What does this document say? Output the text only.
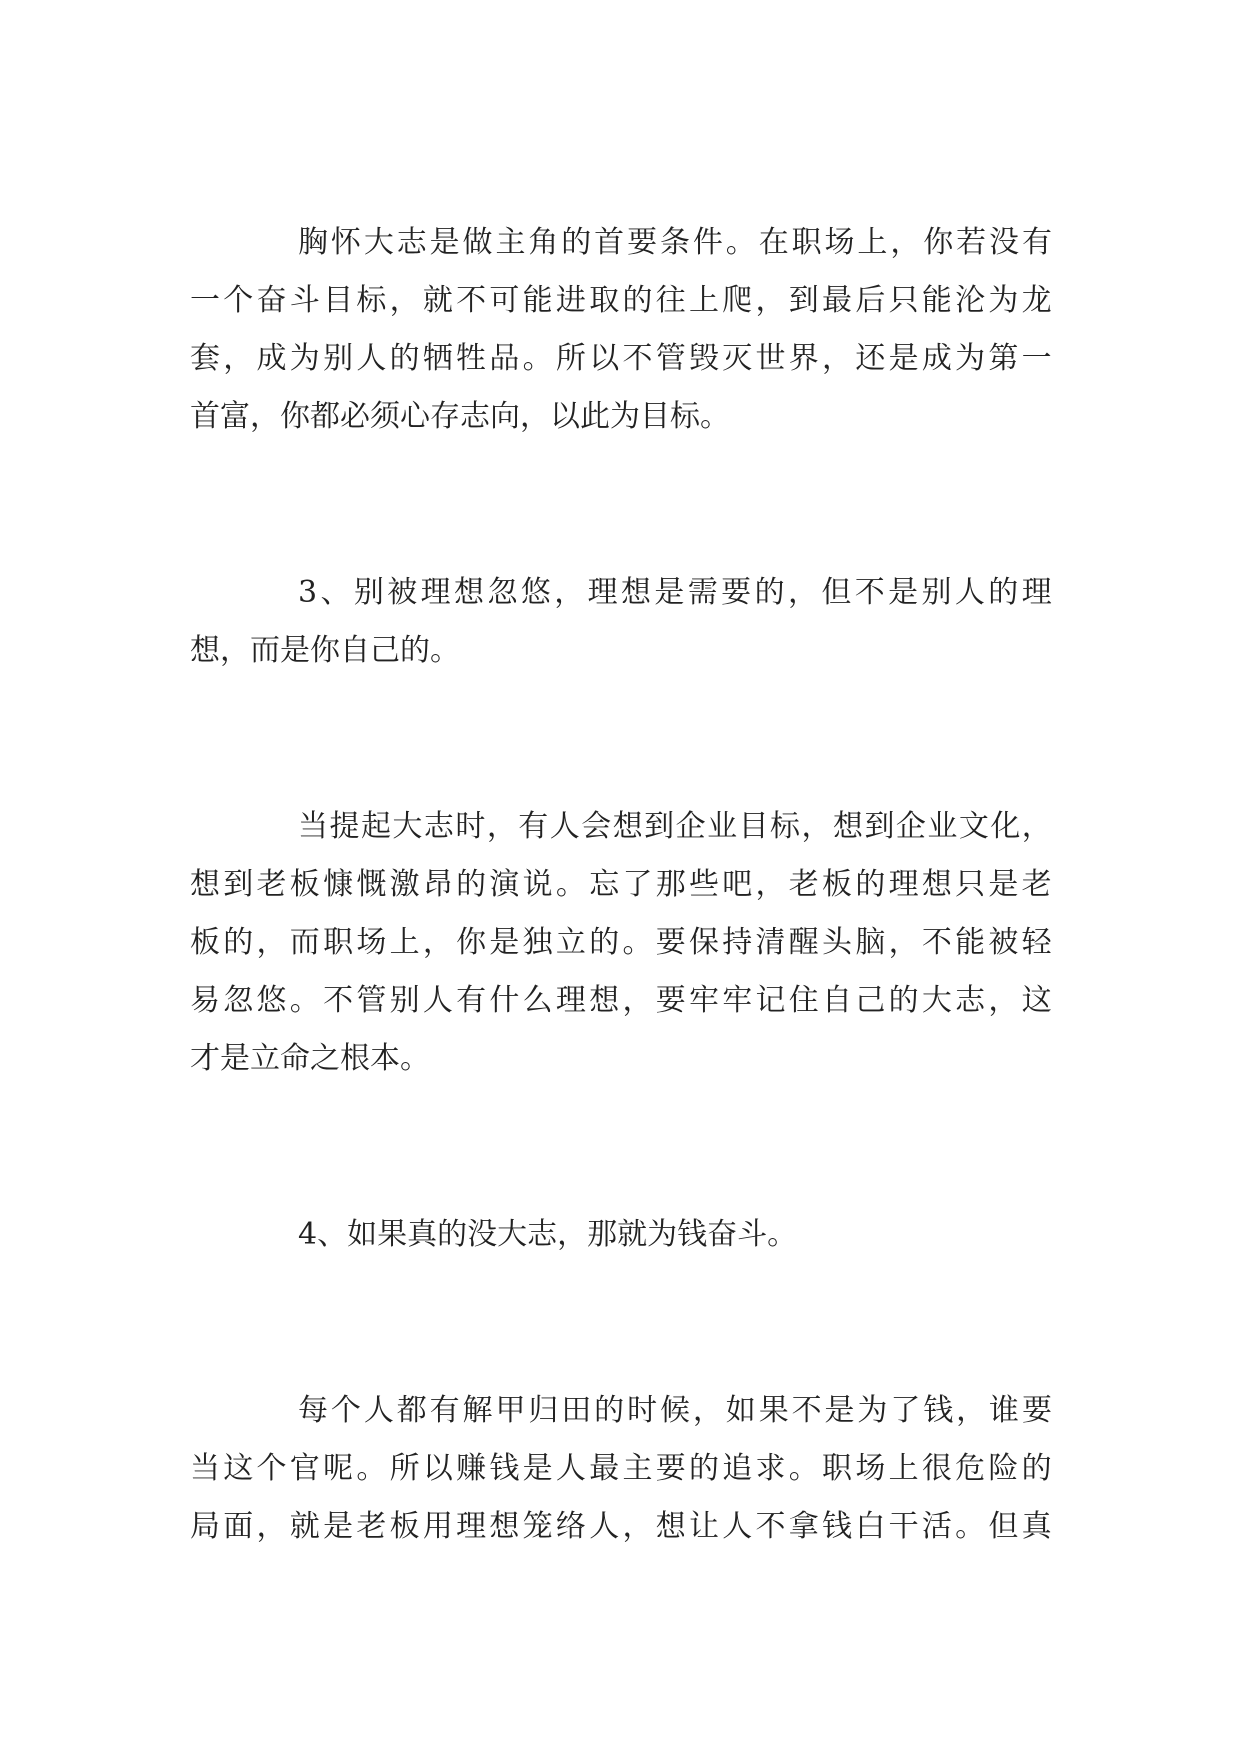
胸 怀 大 志 是 做 主 角 的 首 要 条 件 。 在 职 场 上 ， 你 若 没 有
一 个 奋 斗 目 标 ， 就 不 可 能 进 取 的 往 上 爬 ， 到 最 后 只 能 沦 为 龙
套 ， 成 为 别 人 的 牺 牲 品 。 所 以 不 管 毁 灭 世 界 ， 还 是 成 为 第 一
首富，你都必须心存志向，以此为目标。
3 、 别 被 理 想 忽 悠 ， 理 想 是 需 要 的 ， 但 不 是 别 人 的 理
想，而是你自己的。
当 提 起 大 志 时 ， 有 人 会 想 到 企 业 目 标 ， 想 到 企 业 文 化 ，
想 到 老 板 慷 慨 激 昂 的 演 说 。 忘 了 那 些 吧 ， 老 板 的 理 想 只 是 老
板 的 ， 而 职 场 上 ， 你 是 独 立 的 。 要 保 持 清 醒 头 脑 ， 不 能 被 轻
易 忽 悠 。 不 管 别 人 有 什 么 理 想 ， 要 牢 牢 记 住 自 己 的 大 志 ， 这
才是立命之根本。
4、如果真的没大志，那就为钱奋斗。
每 个 人 都 有 解 甲 归 田 的 时 候 ， 如 果 不 是 为 了 钱 ， 谁 要
当 这 个 官 呢 。 所 以 赚 钱 是 人 最 主 要 的 追 求 。 职 场 上 很 危 险 的
局 面 ， 就 是 老 板 用 理 想 笼 络 人 ， 想 让 人 不 拿 钱 白 干 活 。 但 真
